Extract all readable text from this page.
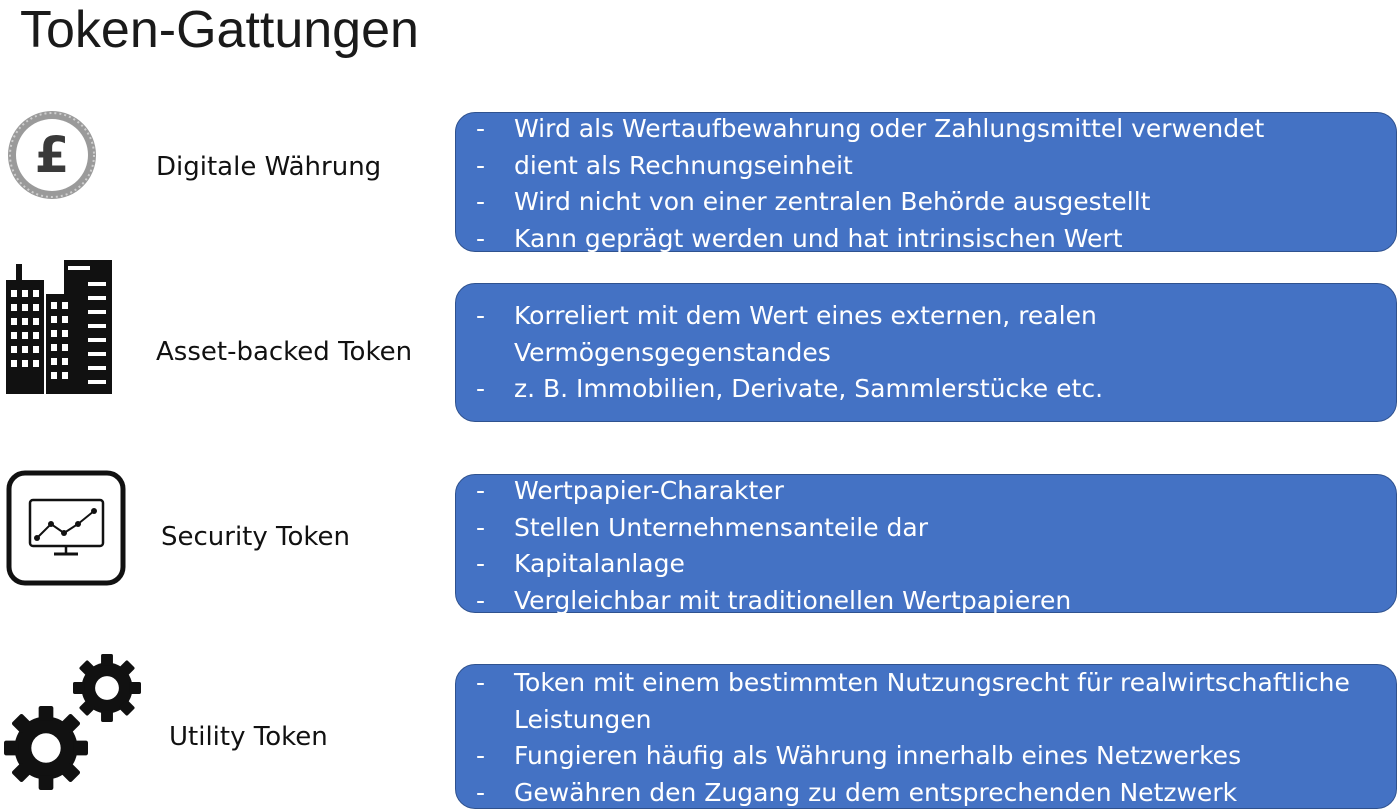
Token-Gattungen
£	Digitale Währung
- Wird als Wertaufbewahrung oder Zahlungsmittel verwendet
- dient als Rechnungseinheit
- Wird nicht von einer zentralen Behörde ausgestellt
- Kann geprägt werden und hat intrinsischen Wert
Asset-backed Token
- Korreliert mit dem Wert eines externen, realen Vermögensgegenstandes
- z. B. Immobilien, Derivate, Sammlerstücke etc.
Security Token
- Wertpapier-Charakter
- Stellen Unternehmensanteile dar
- Kapitalanlage
- Vergleichbar mit traditionellen Wertpapieren
Utility Token
- Token mit einem bestimmten Nutzungsrecht für realwirtschaftliche Leistungen
- Fungieren häufig als Währung innerhalb eines Netzwerkes
- Gewähren den Zugang zu dem entsprechenden Netzwerk
